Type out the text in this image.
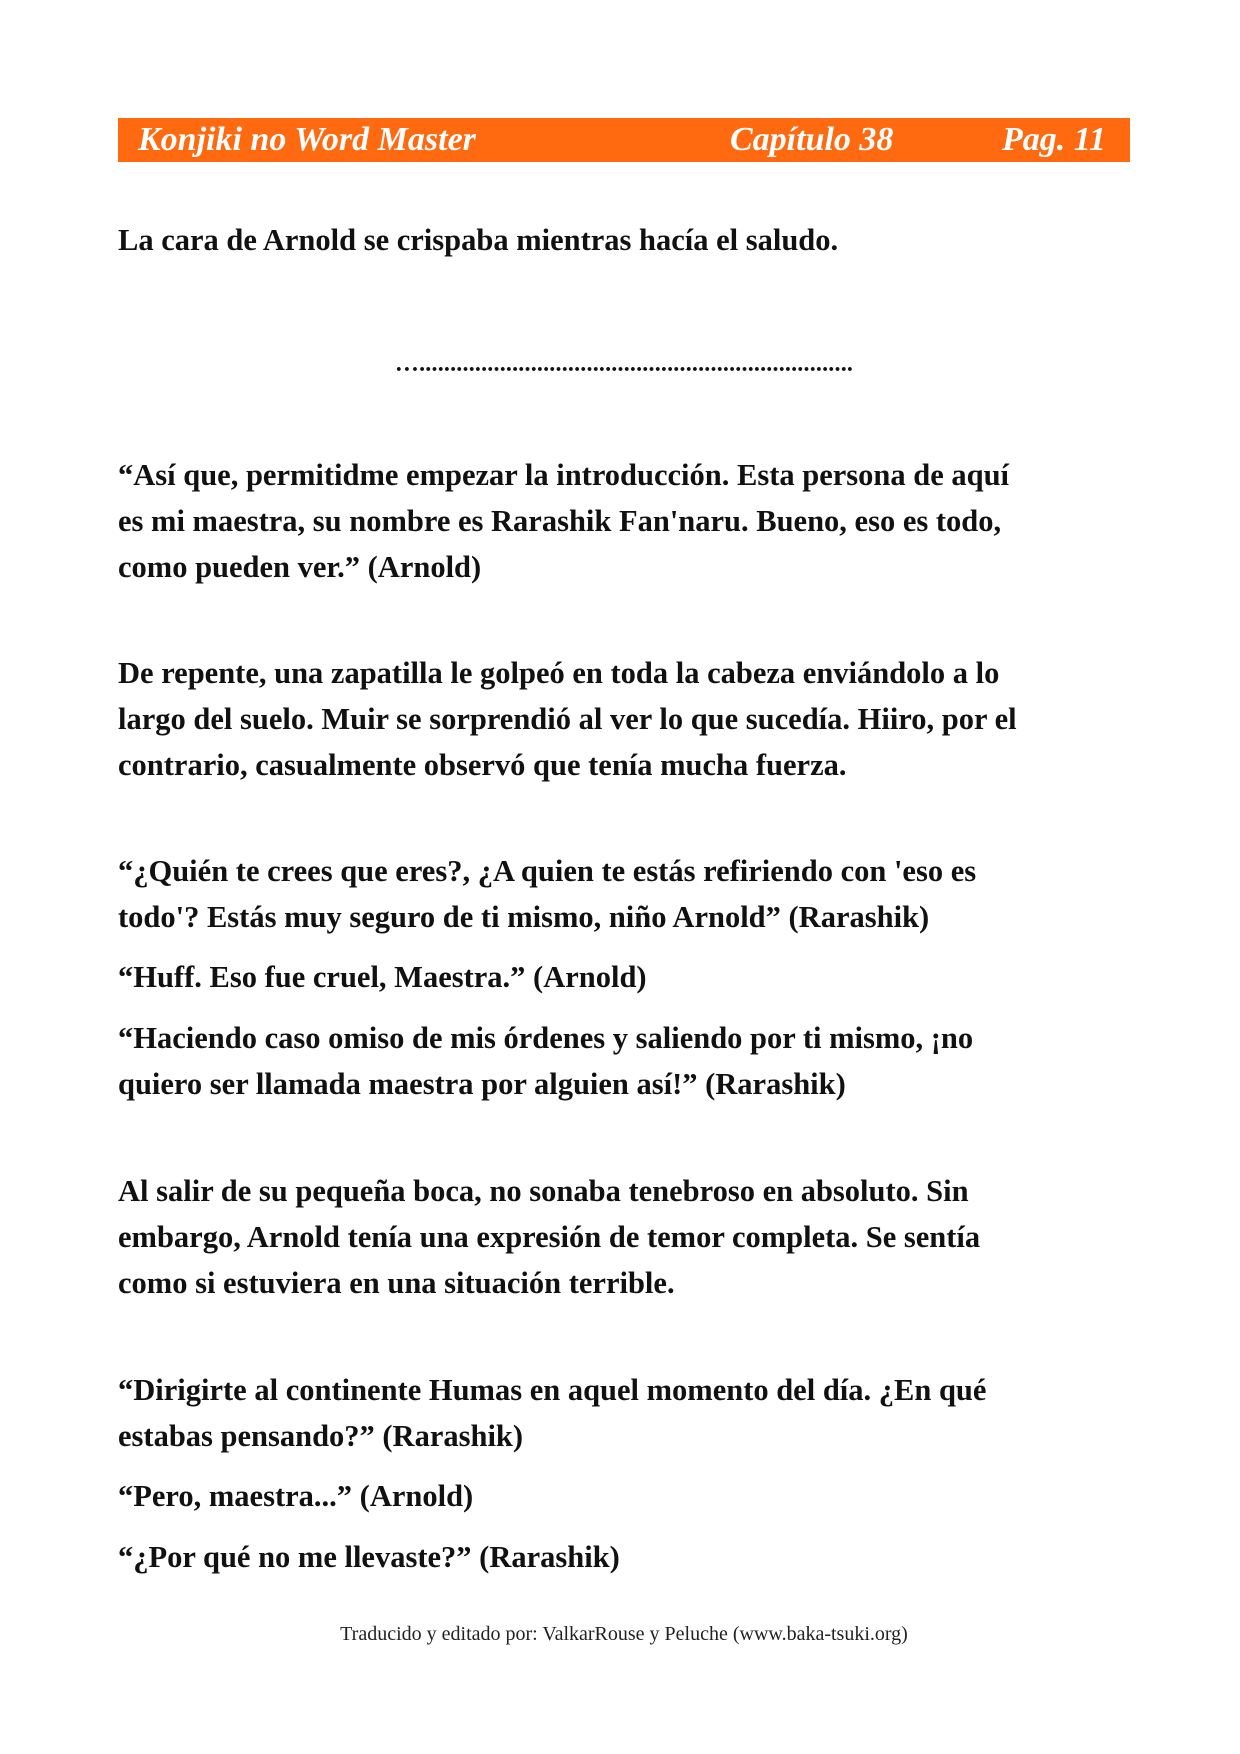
Konjiki no Word Master	Capítulo 38	Pag. 11

La cara de Arnold se crispaba mientras hacía el saludo.

…......................................................................

“Así que, permitidme empezar la introducción. Esta persona de aquí
es mi maestra, su nombre es Rarashik Fan'naru. Bueno, eso es todo,
como pueden ver.” (Arnold)

De repente, una zapatilla le golpeó en toda la cabeza enviándolo a lo
largo del suelo. Muir se sorprendió al ver lo que sucedía. Hiiro, por el
contrario, casualmente observó que tenía mucha fuerza.

“¿Quién te crees que eres?, ¿A quien te estás refiriendo con 'eso es
todo'? Estás muy seguro de ti mismo, niño Arnold” (Rarashik)

“Huff. Eso fue cruel, Maestra.” (Arnold)

“Haciendo caso omiso de mis órdenes y saliendo por ti mismo, ¡no
quiero ser llamada maestra por alguien así!” (Rarashik)

Al salir de su pequeña boca, no sonaba tenebroso en absoluto. Sin
embargo, Arnold tenía una expresión de temor completa. Se sentía
como si estuviera en una situación terrible.

“Dirigirte al continente Humas en aquel momento del día. ¿En qué
estabas pensando?” (Rarashik)

“Pero, maestra...” (Arnold)

“¿Por qué no me llevaste?” (Rarashik)

Traducido y editado por: ValkarRouse y Peluche (www.baka-tsuki.org)
